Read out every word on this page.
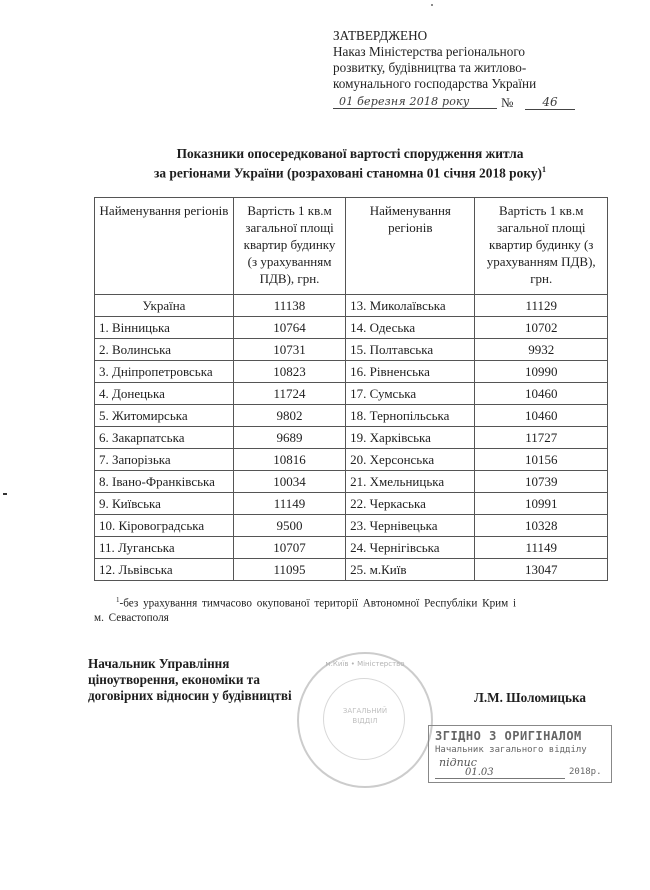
ЗАТВЕРДЖЕНО
Наказ Міністерства регіонального
розвитку, будівництва та житлово-
комунального господарства України
01 березня 2018 року	№	46
Показники опосередкованої вартості спорудження житла
за регіонами України (розраховані станомна 01 січня 2018 року)$^1$
Найменування регіонів	Вартість 1 кв.м загальної площі квартир будинку (з урахуванням ПДВ), грн.	Найменування регіонів	Вартість 1 кв.м загальної площі квартир будинку (з урахуванням ПДВ), грн.
Україна	11138	13. Миколаївська	11129
1. Вінницька	10764	14. Одеська	10702
2. Волинська	10731	15. Полтавська	9932
3. Дніпропетровська	10823	16. Рівненська	10990
4. Донецька	11724	17. Сумська	10460
5. Житомирська	9802	18. Тернопільська	10460
6. Закарпатська	9689	19. Харківська	11727
7. Запорізька	10816	20. Херсонська	10156
8. Івано-Франківська	10034	21. Хмельницька	10739
9. Київська	11149	22. Черкаська	10991
10. Кіровоградська	9500	23. Чернівецька	10328
11. Луганська	10707	24. Чернігівська	11149
12. Львівська	11095	25. м.Київ	13047
$^1$-без урахування тимчасово окупованої території Автономної Республіки Крим і
м. Севастополя
Начальник Управління
ціноутворення, економіки та
договірних відносин у будівництві	Л.М. Шоломицька
м.Київ • Міністерство
ЗАГАЛЬНИЙ ВІДДІЛ
ЗГІДНО З ОРИГІНАЛОМ
Начальник загального відділу
підпис
01.03	2018р.
